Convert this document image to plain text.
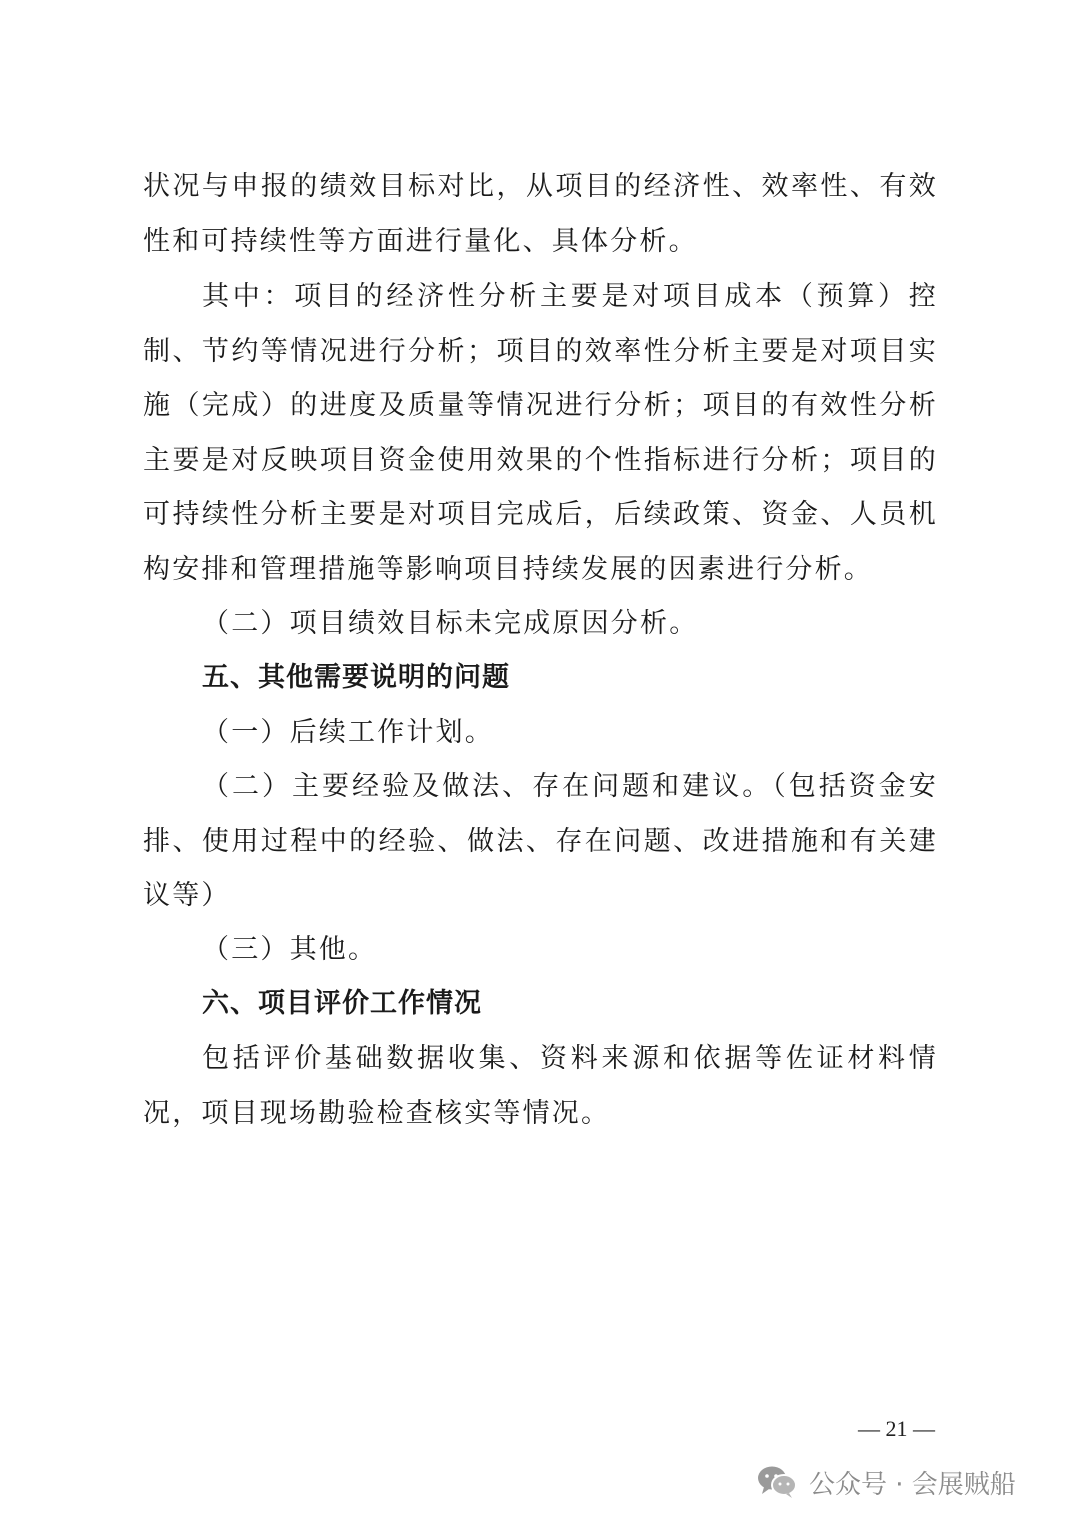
状况与申报的绩效目标对比，从项目的经济性、效率性、有效性和可持续性等方面进行量化、具体分析。

其中：项目的经济性分析主要是对项目成本（预算）控制、节约等情况进行分析；项目的效率性分析主要是对项目实施（完成）的进度及质量等情况进行分析；项目的有效性分析主要是对反映项目资金使用效果的个性指标进行分析；项目的可持续性分析主要是对项目完成后，后续政策、资金、人员机构安排和管理措施等影响项目持续发展的因素进行分析。

（二）项目绩效目标未完成原因分析。

五、其他需要说明的问题

（一）后续工作计划。

（二）主要经验及做法、存在问题和建议。（包括资金安排、使用过程中的经验、做法、存在问题、改进措施和有关建议等）

（三）其他。

六、项目评价工作情况

包括评价基础数据收集、资料来源和依据等佐证材料情况，项目现场勘验检查核实等情况。

— 21 —
公众号 · 会展贼船
